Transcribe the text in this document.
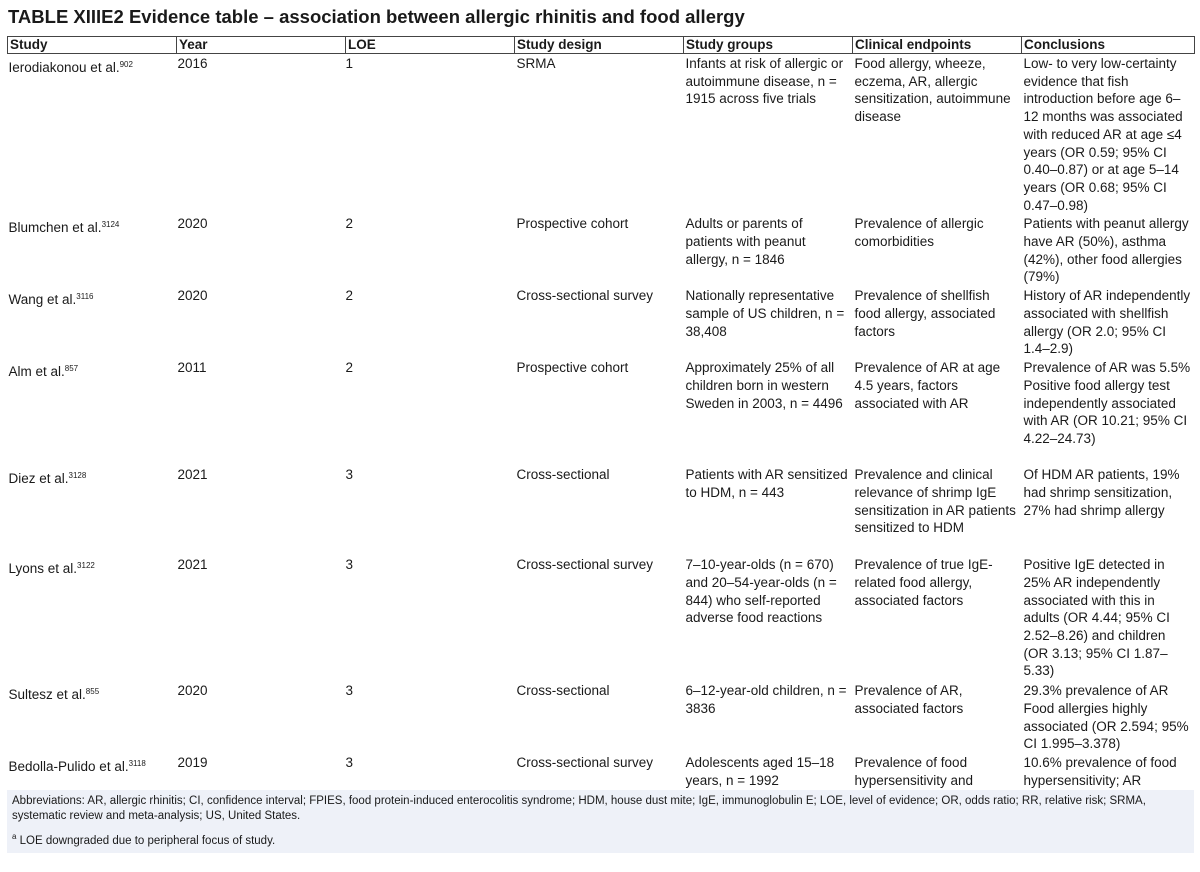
TABLE XIIIE2 Evidence table – association between allergic rhinitis and food allergy
Study	Year	LOE	Study design	Study groups	Clinical endpoints	Conclusions
Ierodiakonou et al.$^{902}$	2016	1	SRMA	Infants at risk of allergic or autoimmune disease, n = 1915 across five trials	Food allergy, wheeze, eczema, AR, allergic sensitization, autoimmune disease	Low- to very low-certainty evidence that fish introduction before age 6–12 months was associated with reduced AR at age ≤4 years (OR 0.59; 95% CI 0.40–0.87) or at age 5–14 years (OR 0.68; 95% CI 0.47–0.98)
Blumchen et al.$^{3124}$	2020	2	Prospective cohort	Adults or parents of patients with peanut allergy, n = 1846	Prevalence of allergic comorbidities	Patients with peanut allergy have AR (50%), asthma (42%), other food allergies (79%)
Wang et al.$^{3116}$	2020	2	Cross-sectional survey	Nationally representative sample of US children, n = 38,408	Prevalence of shellfish food allergy, associated factors	History of AR independently associated with shellfish allergy (OR 2.0; 95% CI 1.4–2.9)
Alm et al.$^{857}$	2011	2	Prospective cohort	Approximately 25% of all children born in western Sweden in 2003, n = 4496	Prevalence of AR at age 4.5 years, factors associated with AR	Prevalence of AR was 5.5% Positive food allergy test independently associated with AR (OR 10.21; 95% CI 4.22–24.73)
Diez et al.$^{3128}$	2021	3	Cross-sectional	Patients with AR sensitized to HDM, n = 443	Prevalence and clinical relevance of shrimp IgE sensitization in AR patients sensitized to HDM	Of HDM AR patients, 19% had shrimp sensitization, 27% had shrimp allergy
Lyons et al.$^{3122}$	2021	3	Cross-sectional survey	7–10-year-olds (n = 670) and 20–54-year-olds (n = 844) who self-reported adverse food reactions	Prevalence of true IgE-related food allergy, associated factors	Positive IgE detected in 25% AR independently associated with this in adults (OR 4.44; 95% CI 2.52–8.26) and children (OR 3.13; 95% CI 1.87–5.33)
Sultesz et al.$^{855}$	2020	3	Cross-sectional	6–12-year-old children, n = 3836	Prevalence of AR, associated factors	29.3% prevalence of AR Food allergies highly associated (OR 2.594; 95% CI 1.995–3.378)
Bedolla-Pulido et al.$^{3118}$	2019	3	Cross-sectional survey	Adolescents aged 15–18 years, n = 1992	Prevalence of food hypersensitivity and	10.6% prevalence of food hypersensitivity; AR
Abbreviations: AR, allergic rhinitis; CI, confidence interval; FPIES, food protein-induced enterocolitis syndrome; HDM, house dust mite; IgE, immunoglobulin E; LOE, level of evidence; OR, odds ratio; RR, relative risk; SRMA, systematic review and meta-analysis; US, United States.
$^a$ LOE downgraded due to peripheral focus of study.
